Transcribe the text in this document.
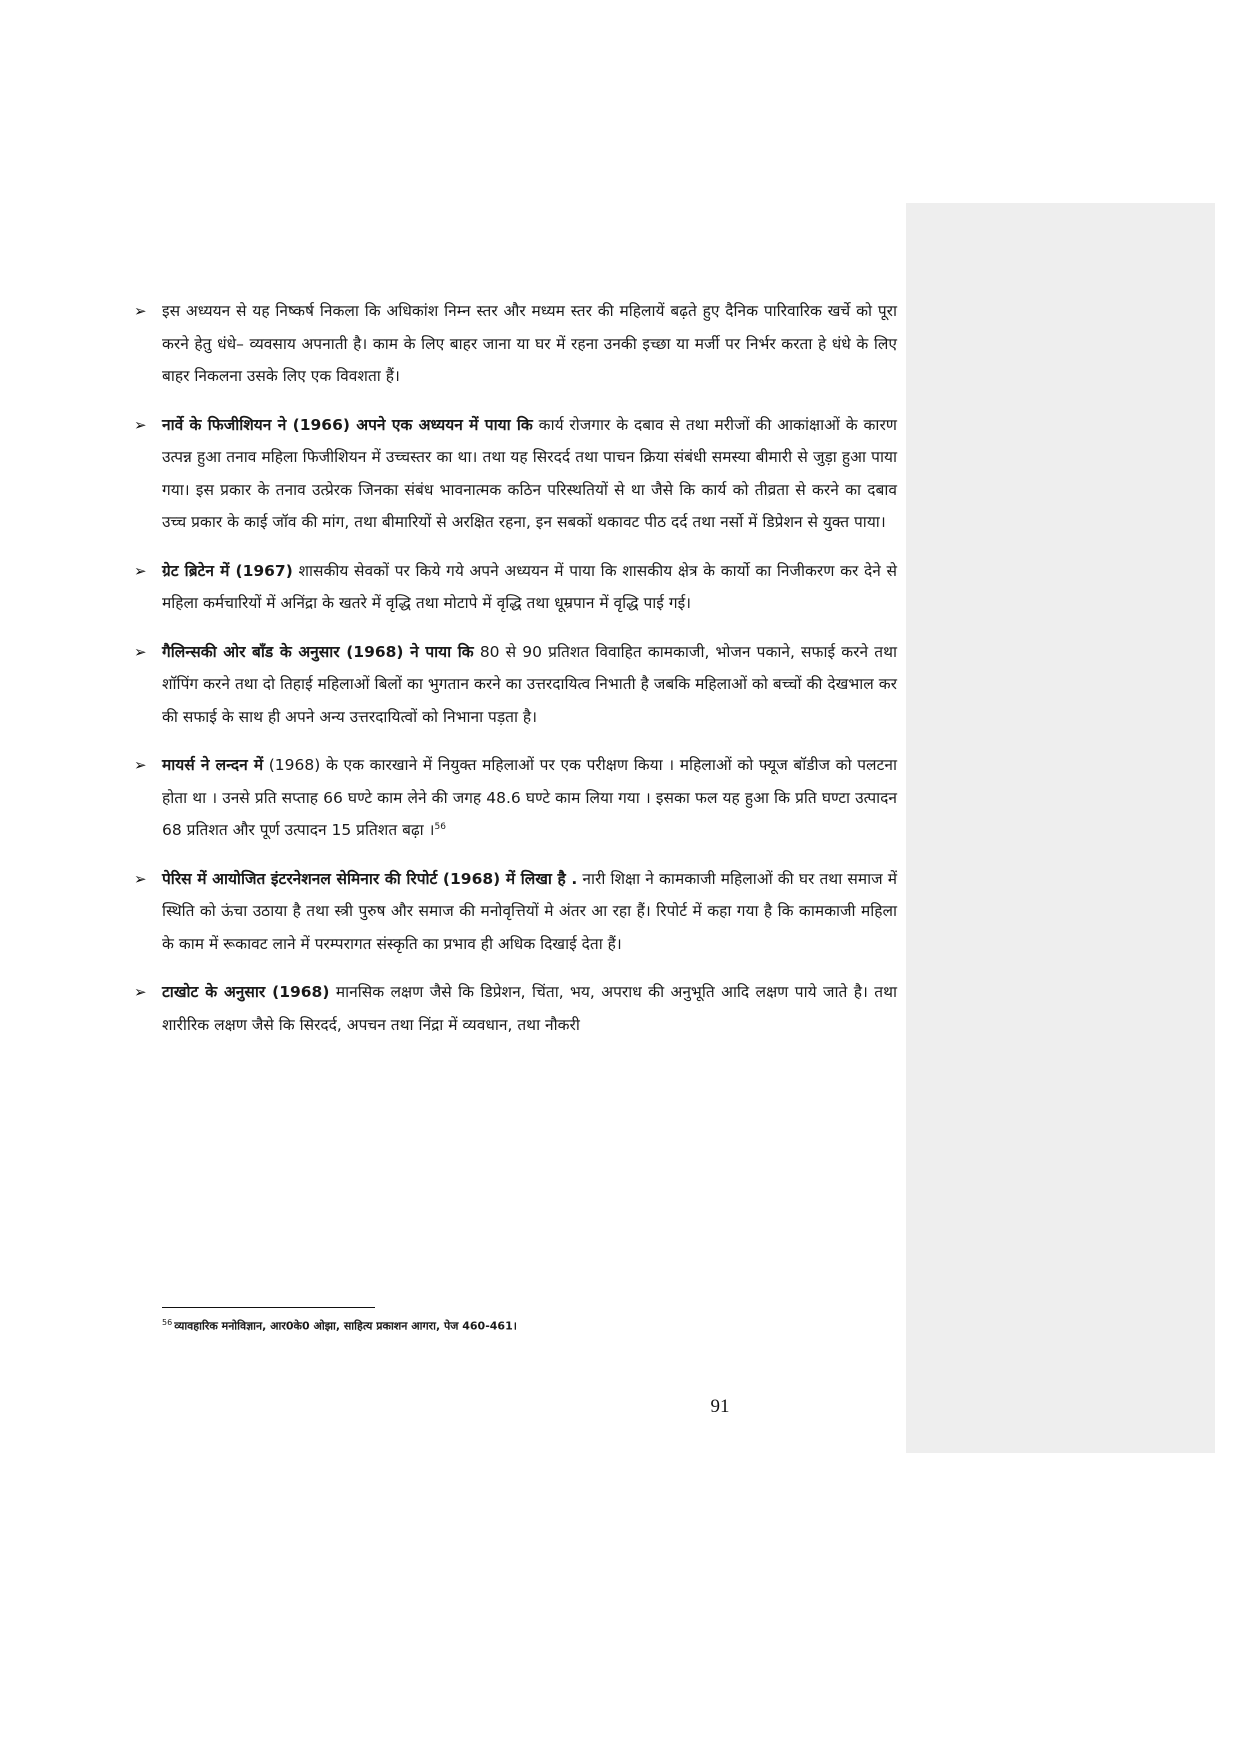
➢ इस अध्ययन से यह निष्कर्ष निकला कि अधिकांश निम्न स्तर और मध्यम स्तर की महिलायें बढ़ते हुए दैनिक पारिवारिक खर्चे को पूरा करने हेतु धंधे– व्यवसाय अपनाती है। काम के लिए बाहर जाना या घर में रहना उनकी इच्छा या मर्जी पर निर्भर करता हे धंधे के लिए बाहर निकलना उसके लिए एक विवशता हैं।
➢ नार्वे के फिजीशियन ने (1966) अपने एक अध्ययन में पाया कि कार्य रोजगार के दबाव से तथा मरीजों की आकांक्षाओं के कारण उत्पन्न हुआ तनाव महिला फिजीशियन में उच्चस्तर का था। तथा यह सिरदर्द तथा पाचन क्रिया संबंधी समस्या बीमारी से जुड़ा हुआ पाया गया। इस प्रकार के तनाव उत्प्रेरक जिनका संबंध भावनात्मक कठिन परिस्थतियों से था जैसे कि कार्य को तीव्रता से करने का दबाव उच्च प्रकार के काई जॉव की मांग, तथा बीमारियों से अरक्षित रहना, इन सबकों थकावट पीठ दर्द तथा नर्सो में डिप्रेशन से युक्त पाया।
➢ ग्रेट ब्रिटेन में (1967) शासकीय सेवकों पर किये गये अपने अध्ययन में पाया कि शासकीय क्षेत्र के कार्यो का निजीकरण कर देने से महिला कर्मचारियों में अनिंद्रा के खतरे में वृद्धि तथा मोटापे में वृद्धि तथा धूम्रपान में वृद्धि पाई गई।
➢ गैलिन्सकी ओर बॉंड के अनुसार (1968) ने पाया कि 80 से 90 प्रतिशत विवाहित कामकाजी, भोजन पकाने, सफाई करने तथा शॉपिंग करने तथा दो तिहाई महिलाओं बिलों का भुगतान करने का उत्तरदायित्व निभाती है जबकि महिलाओं को बच्चों की देखभाल कर की सफाई के साथ ही अपने अन्य उत्तरदायित्वों को निभाना पड़ता है।
➢ मायर्स ने लन्दन में (1968) के एक कारखाने में नियुक्त महिलाओं पर एक परीक्षण किया । महिलाओं को फ्यूज बॉडीज को पलटना होता था । उनसे प्रति सप्ताह 66 घण्टे काम लेने की जगह 48.6 घण्टे काम लिया गया । इसका फल यह हुआ कि प्रति घण्टा उत्पादन 68 प्रतिशत और पूर्ण उत्पादन 15 प्रतिशत बढ़ा ।$^{56}$
➢ पेरिस में आयोजित इंटरनेशनल सेमिनार की रिपोर्ट (1968) में लिखा है . नारी शिक्षा ने कामकाजी महिलाओं की घर तथा समाज में स्थिति को ऊंचा उठाया है तथा स्त्री पुरुष और समाज की मनोवृत्तियों मे अंतर आ रहा हैं। रिपोर्ट में कहा गया है कि कामकाजी महिला के काम में रूकावट लाने में परम्परागत संस्कृति का प्रभाव ही अधिक दिखाई देता हैं।
➢ टाखोट के अनुसार (1968) मानसिक लक्षण जैसे कि डिप्रेशन, चिंता, भय, अपराध की अनुभूति आदि लक्षण पाये जाते है। तथा शारीरिक लक्षण जैसे कि सिरदर्द, अपचन तथा निंद्रा में व्यवधान, तथा नौकरी
$^{56}$ व्यावहारिक मनोविज्ञान, आर0के0 ओझा, साहित्य प्रकाशन आगरा, पेज 460-461।
91
